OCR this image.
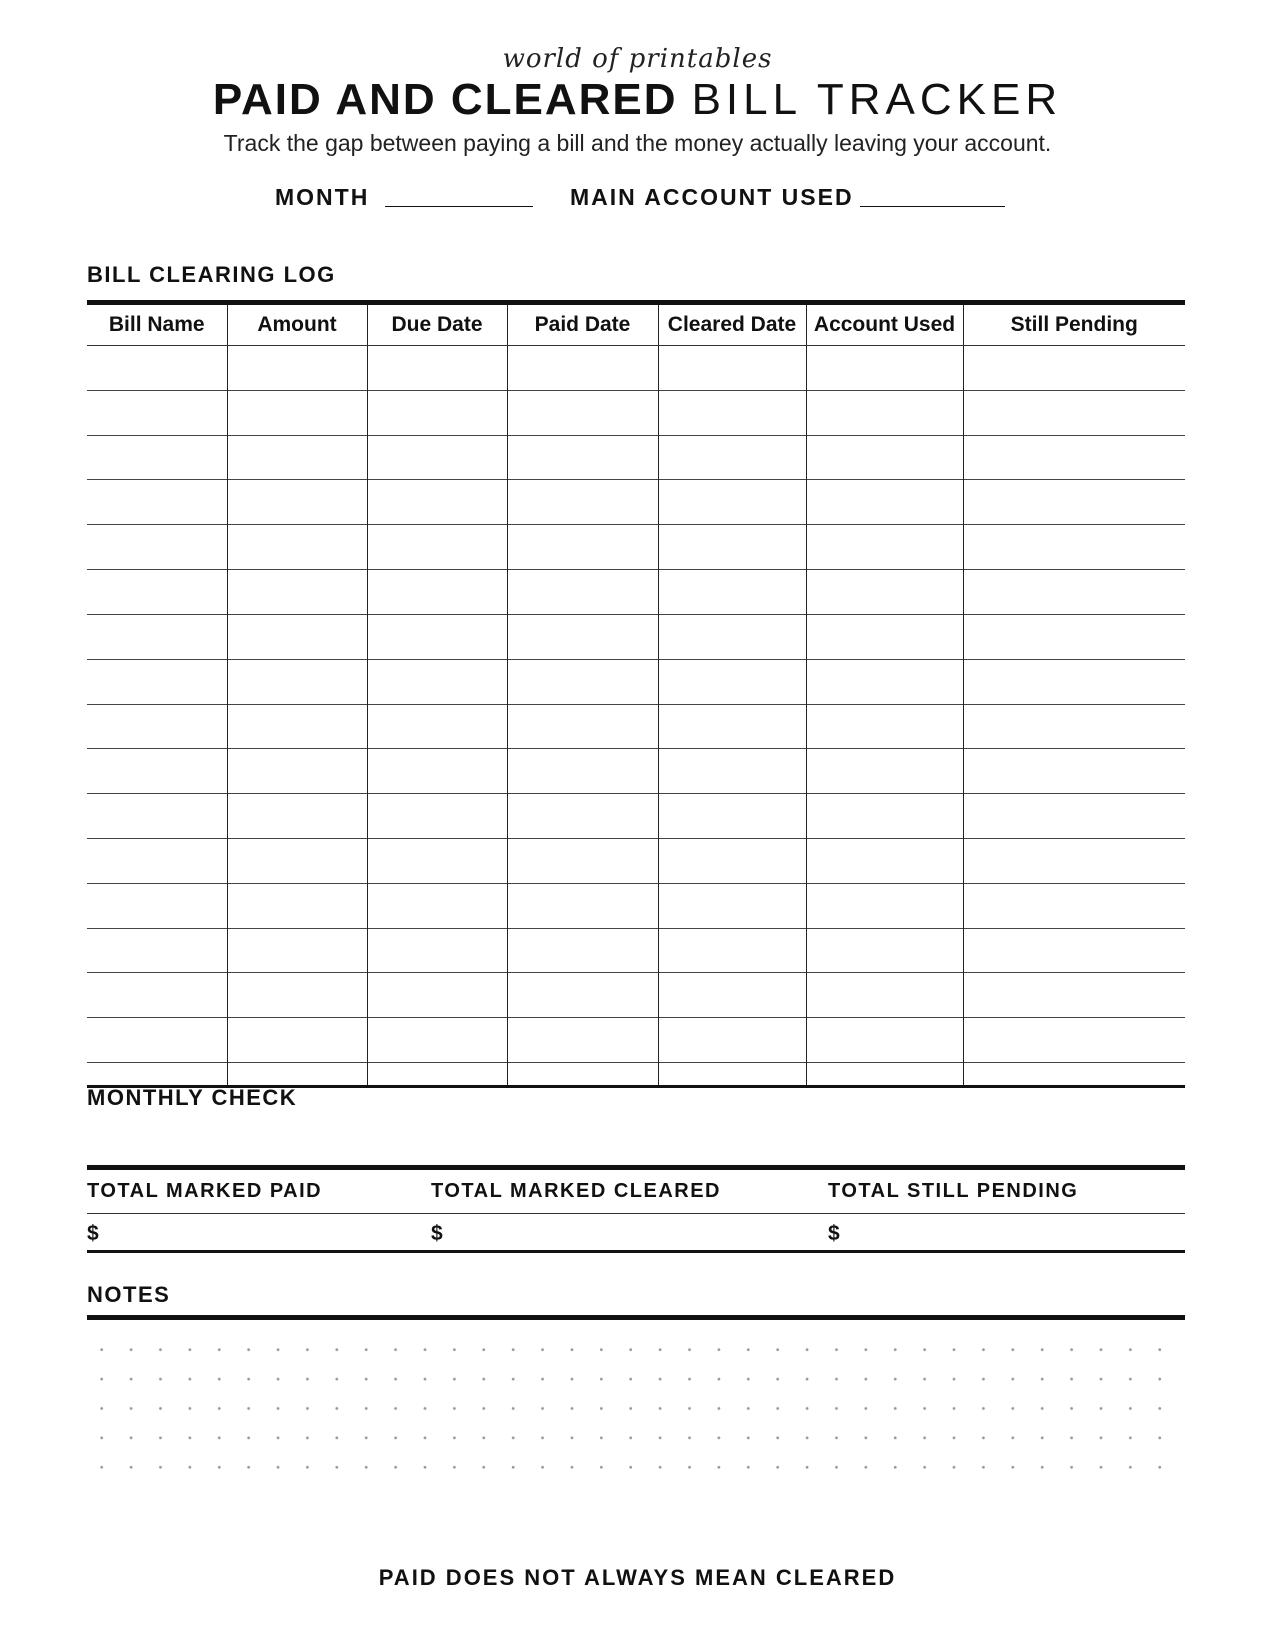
world of printables
PAID AND CLEARED BILL TRACKER
Track the gap between paying a bill and the money actually leaving your account.
MONTH	MAIN ACCOUNT USED
BILL CLEARING LOG
Bill Name	Amount	Due Date	Paid Date	Cleared Date	Account Used	Still Pending

MONTHLY CHECK
TOTAL MARKED PAID	TOTAL MARKED CLEARED	TOTAL STILL PENDING
$	$	$
NOTES
PAID DOES NOT ALWAYS MEAN CLEARED
